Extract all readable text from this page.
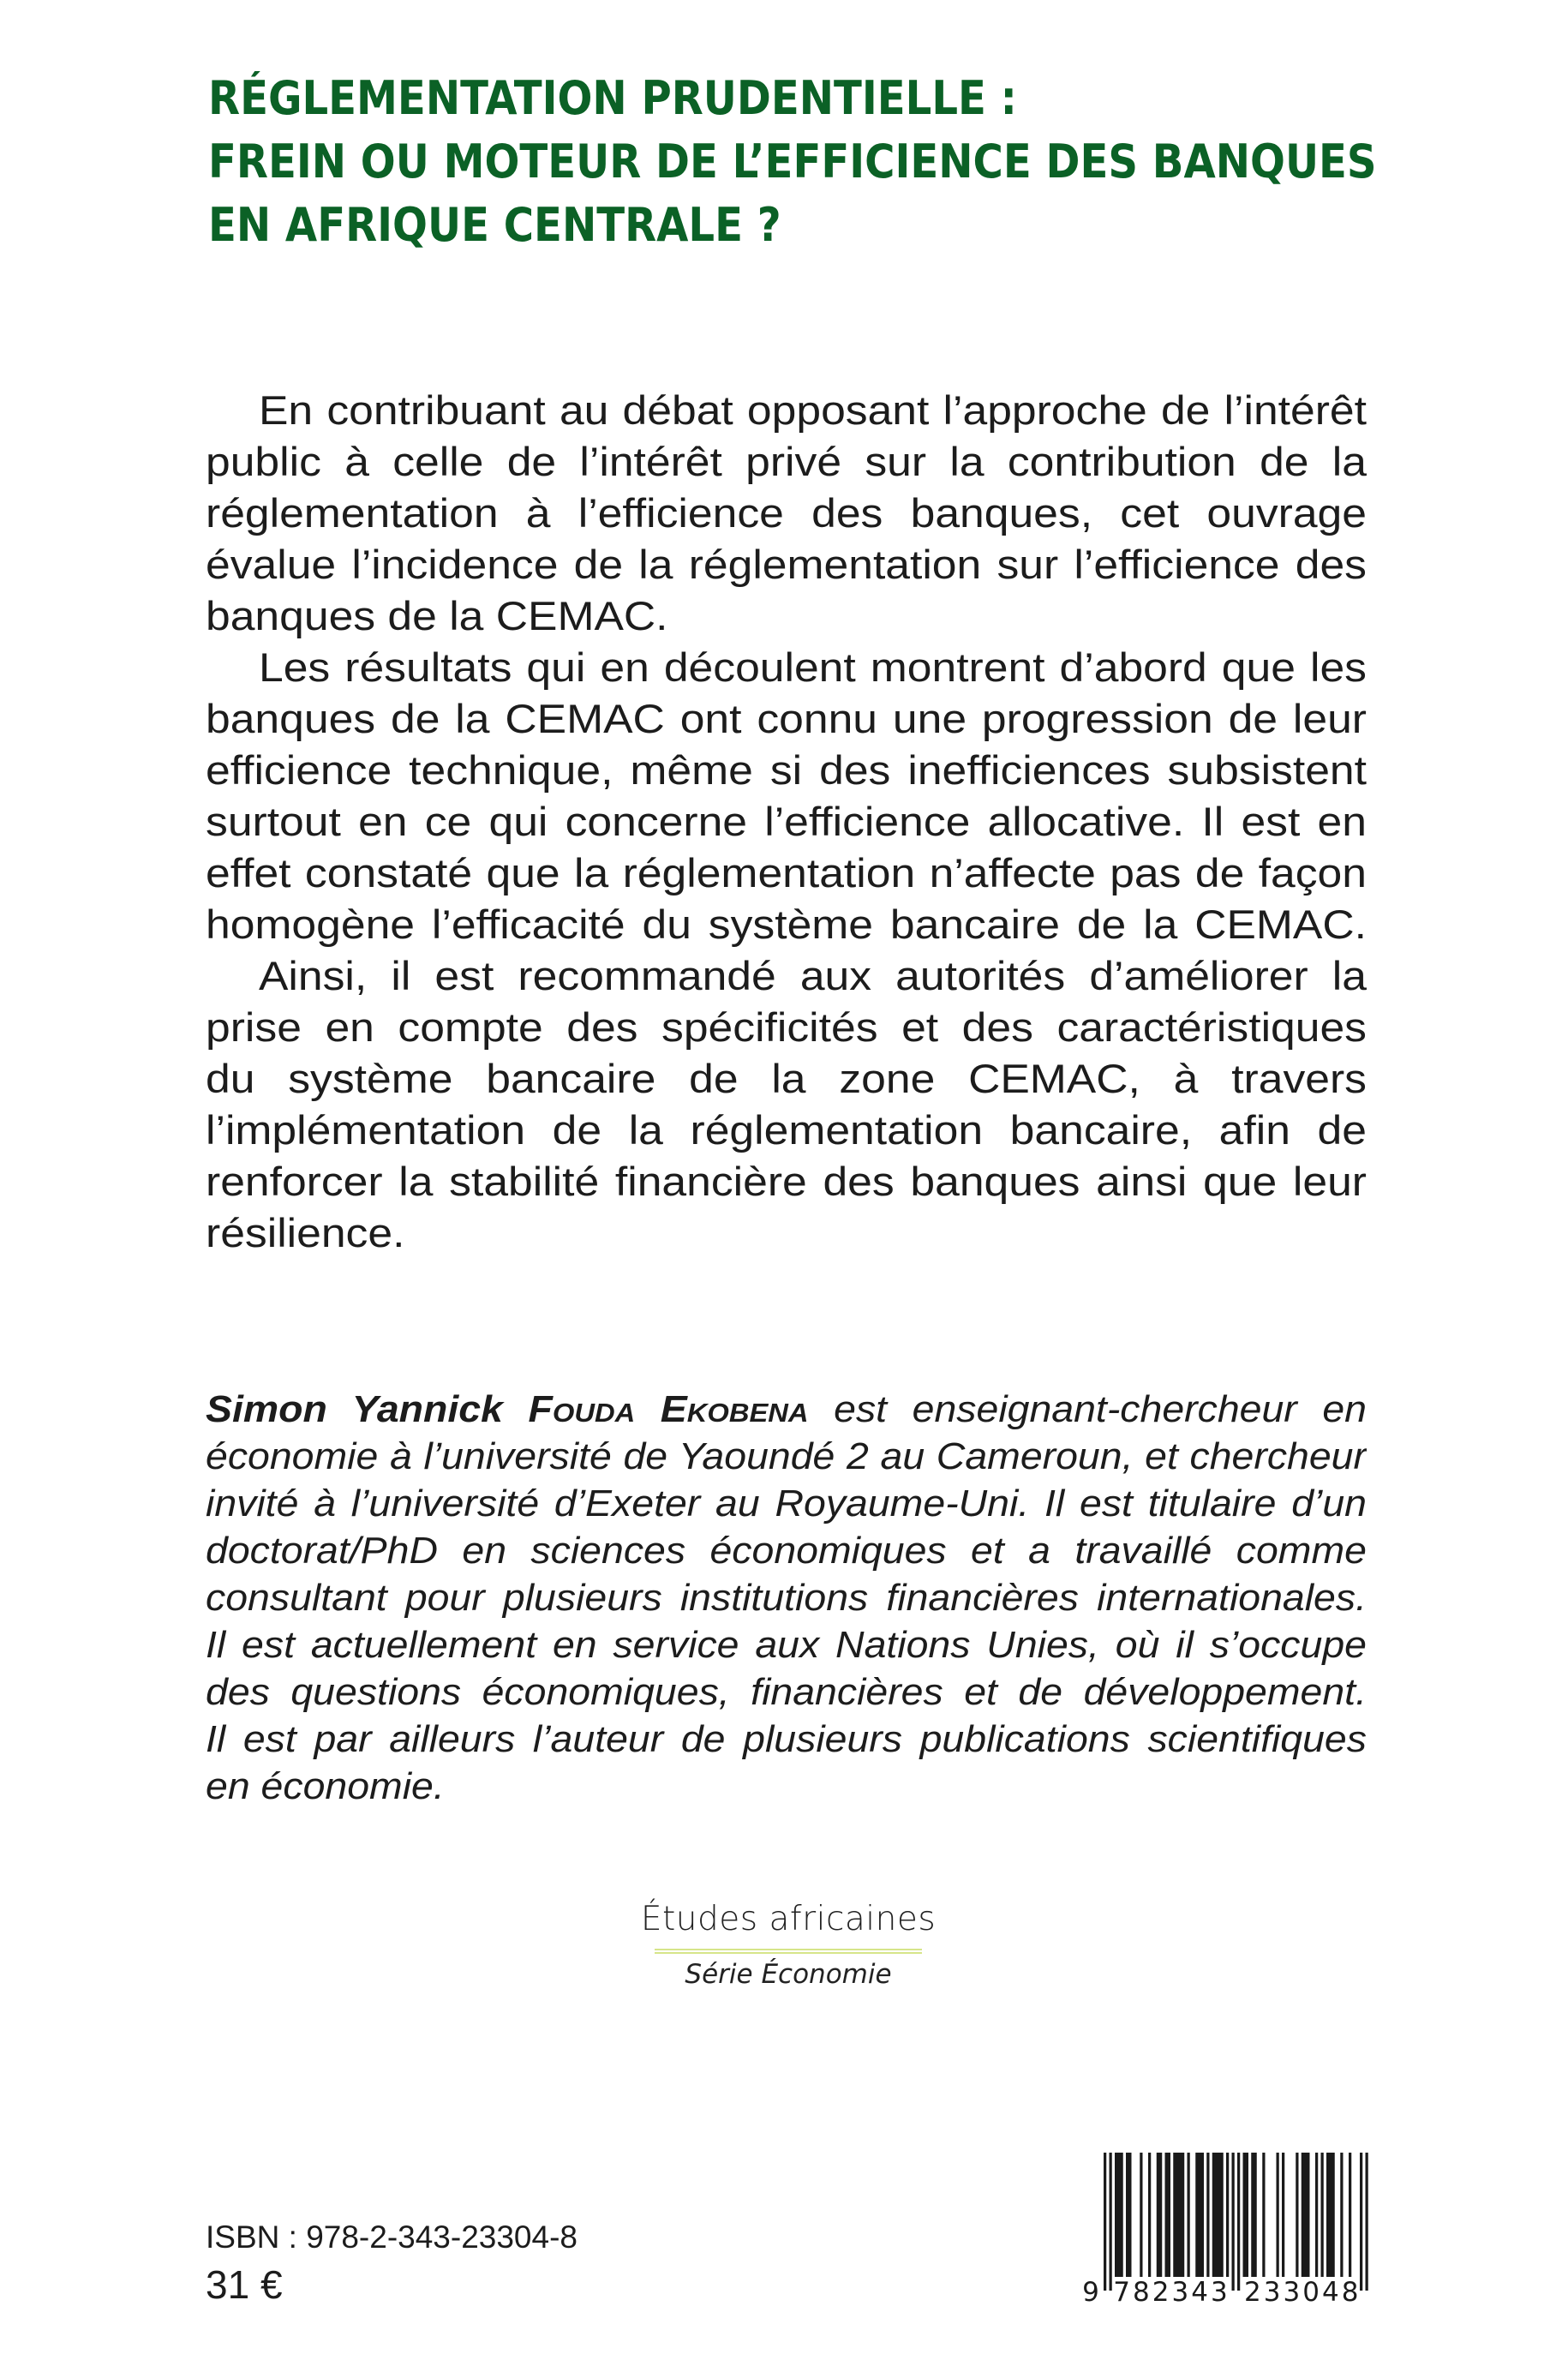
RÉGLEMENTATION PRUDENTIELLE :
FREIN OU MOTEUR DE L’EFFICIENCE DES BANQUES
EN AFRIQUE CENTRALE ?
En contribuant au débat opposant l’approche de l’intérêt
public à celle de l’intérêt privé sur la contribution de la
réglementation à l’efficience des banques, cet ouvrage
évalue l’incidence de la réglementation sur l’efficience des
banques de la CEMAC.
Les résultats qui en découlent montrent d’abord que les
banques de la CEMAC ont connu une progression de leur
efficience technique, même si des inefficiences subsistent
surtout en ce qui concerne l’efficience allocative. Il est en
effet constaté que la réglementation n’affecte pas de façon
homogène l’efficacité du système bancaire de la CEMAC.
Ainsi, il est recommandé aux autorités d’améliorer la
prise en compte des spécificités et des caractéristiques
du système bancaire de la zone CEMAC, à travers
l’implémentation de la réglementation bancaire, afin de
renforcer la stabilité financière des banques ainsi que leur
résilience.
Simon Yannick Fouda Ekobena est enseignant-chercheur en
économie à l’université de Yaoundé 2 au Cameroun, et chercheur
invité à l’université d’Exeter au Royaume-Uni. Il est titulaire d’un
doctorat/PhD en sciences économiques et a travaillé comme
consultant pour plusieurs institutions financières internationales.
Il est actuellement en service aux Nations Unies, où il s’occupe
des questions économiques, financières et de développement.
Il est par ailleurs l’auteur de plusieurs publications scientifiques
en économie.
Études africaines
Série Économie
ISBN : 978-2-343-23304-8
31 €	9 7 8 2 3 4 3 2 3 3 0 4 8
